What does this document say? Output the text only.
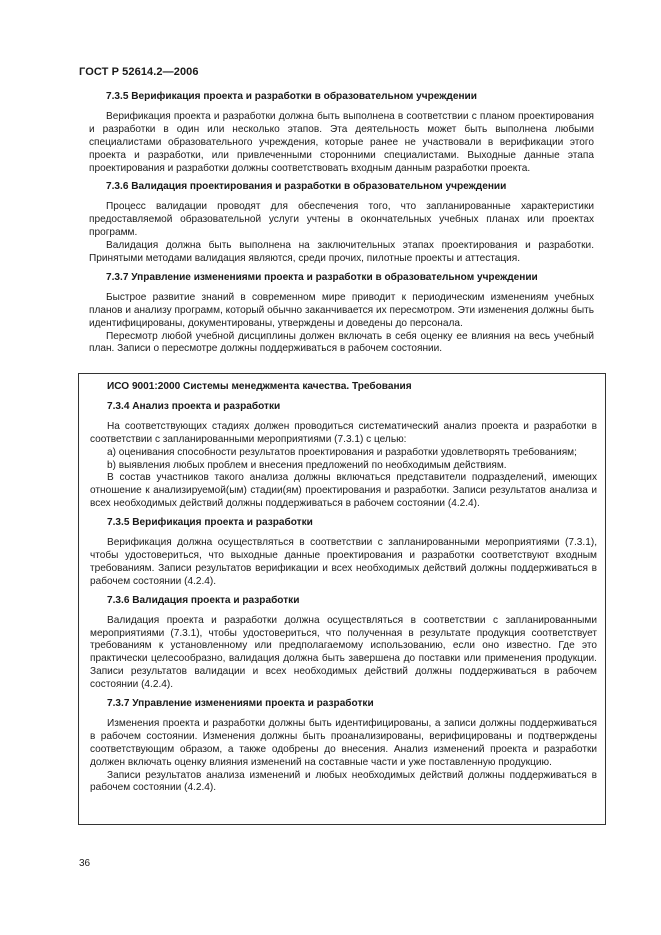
ГОСТ Р 52614.2—2006

7.3.5 Верификация проекта и разработки в образовательном учреждении

Верификация проекта и разработки должна быть выполнена в соответствии с планом проектирования и разработки в один или несколько этапов. Эта деятельность может быть выполнена любыми специалистами образовательного учреждения, которые ранее не участвовали в верификации этого проекта и разработки, или привлеченными сторонними специалистами. Выходные данные этапа проектирования и разработки должны соответствовать входным данным разработки проекта.

7.3.6 Валидация проектирования и разработки в образовательном учреждении

Процесс валидации проводят для обеспечения того, что запланированные характеристики предоставляемой образовательной услуги учтены в окончательных учебных планах или проектах программ.

Валидация должна быть выполнена на заключительных этапах проектирования и разработки. Принятыми методами валидация являются, среди прочих, пилотные проекты и аттестация.

7.3.7 Управление изменениями проекта и разработки в образовательном учреждении

Быстрое развитие знаний в современном мире приводит к периодическим изменениям учебных планов и анализу программ, который обычно заканчивается их пересмотром. Эти изменения должны быть идентифицированы, документированы, утверждены и доведены до персонала.

Пересмотр любой учебной дисциплины должен включать в себя оценку ее влияния на весь учебный план. Записи о пересмотре должны поддерживаться в рабочем состоянии.

ИСО 9001:2000 Системы менеджмента качества. Требования

7.3.4 Анализ проекта и разработки

На соответствующих стадиях должен проводиться систематический анализ проекта и разработки в соответствии с запланированными мероприятиями (7.3.1) с целью:

а) оценивания способности результатов проектирования и разработки удовлетворять требованиям;

b) выявления любых проблем и внесения предложений по необходимым действиям.

В состав участников такого анализа должны включаться представители подразделений, имеющих отношение к анализируемой(ым) стадии(ям) проектирования и разработки. Записи результатов анализа и всех необходимых действий должны поддерживаться в рабочем состоянии (4.2.4).

7.3.5 Верификация проекта и разработки

Верификация должна осуществляться в соответствии с запланированными мероприятиями (7.3.1), чтобы удостовериться, что выходные данные проектирования и разработки соответствуют входным требованиям. Записи результатов верификации и всех необходимых действий должны поддерживаться в рабочем состоянии (4.2.4).

7.3.6 Валидация проекта и разработки

Валидация проекта и разработки должна осуществляться в соответствии с запланированными мероприятиями (7.3.1), чтобы удостовериться, что полученная в результате продукция соответствует требованиям к установленному или предполагаемому использованию, если оно известно. Где это практически целесообразно, валидация должна быть завершена до поставки или применения продукции. Записи результатов валидации и всех необходимых действий должны поддерживаться в рабочем состоянии (4.2.4).

7.3.7 Управление изменениями проекта и разработки

Изменения проекта и разработки должны быть идентифицированы, а записи должны поддерживаться в рабочем состоянии. Изменения должны быть проанализированы, верифицированы и подтверждены соответствующим образом, а также одобрены до внесения. Анализ изменений проекта и разработки должен включать оценку влияния изменений на составные части и уже поставленную продукцию.

Записи результатов анализа изменений и любых необходимых действий должны поддерживаться в рабочем состоянии (4.2.4).

36
